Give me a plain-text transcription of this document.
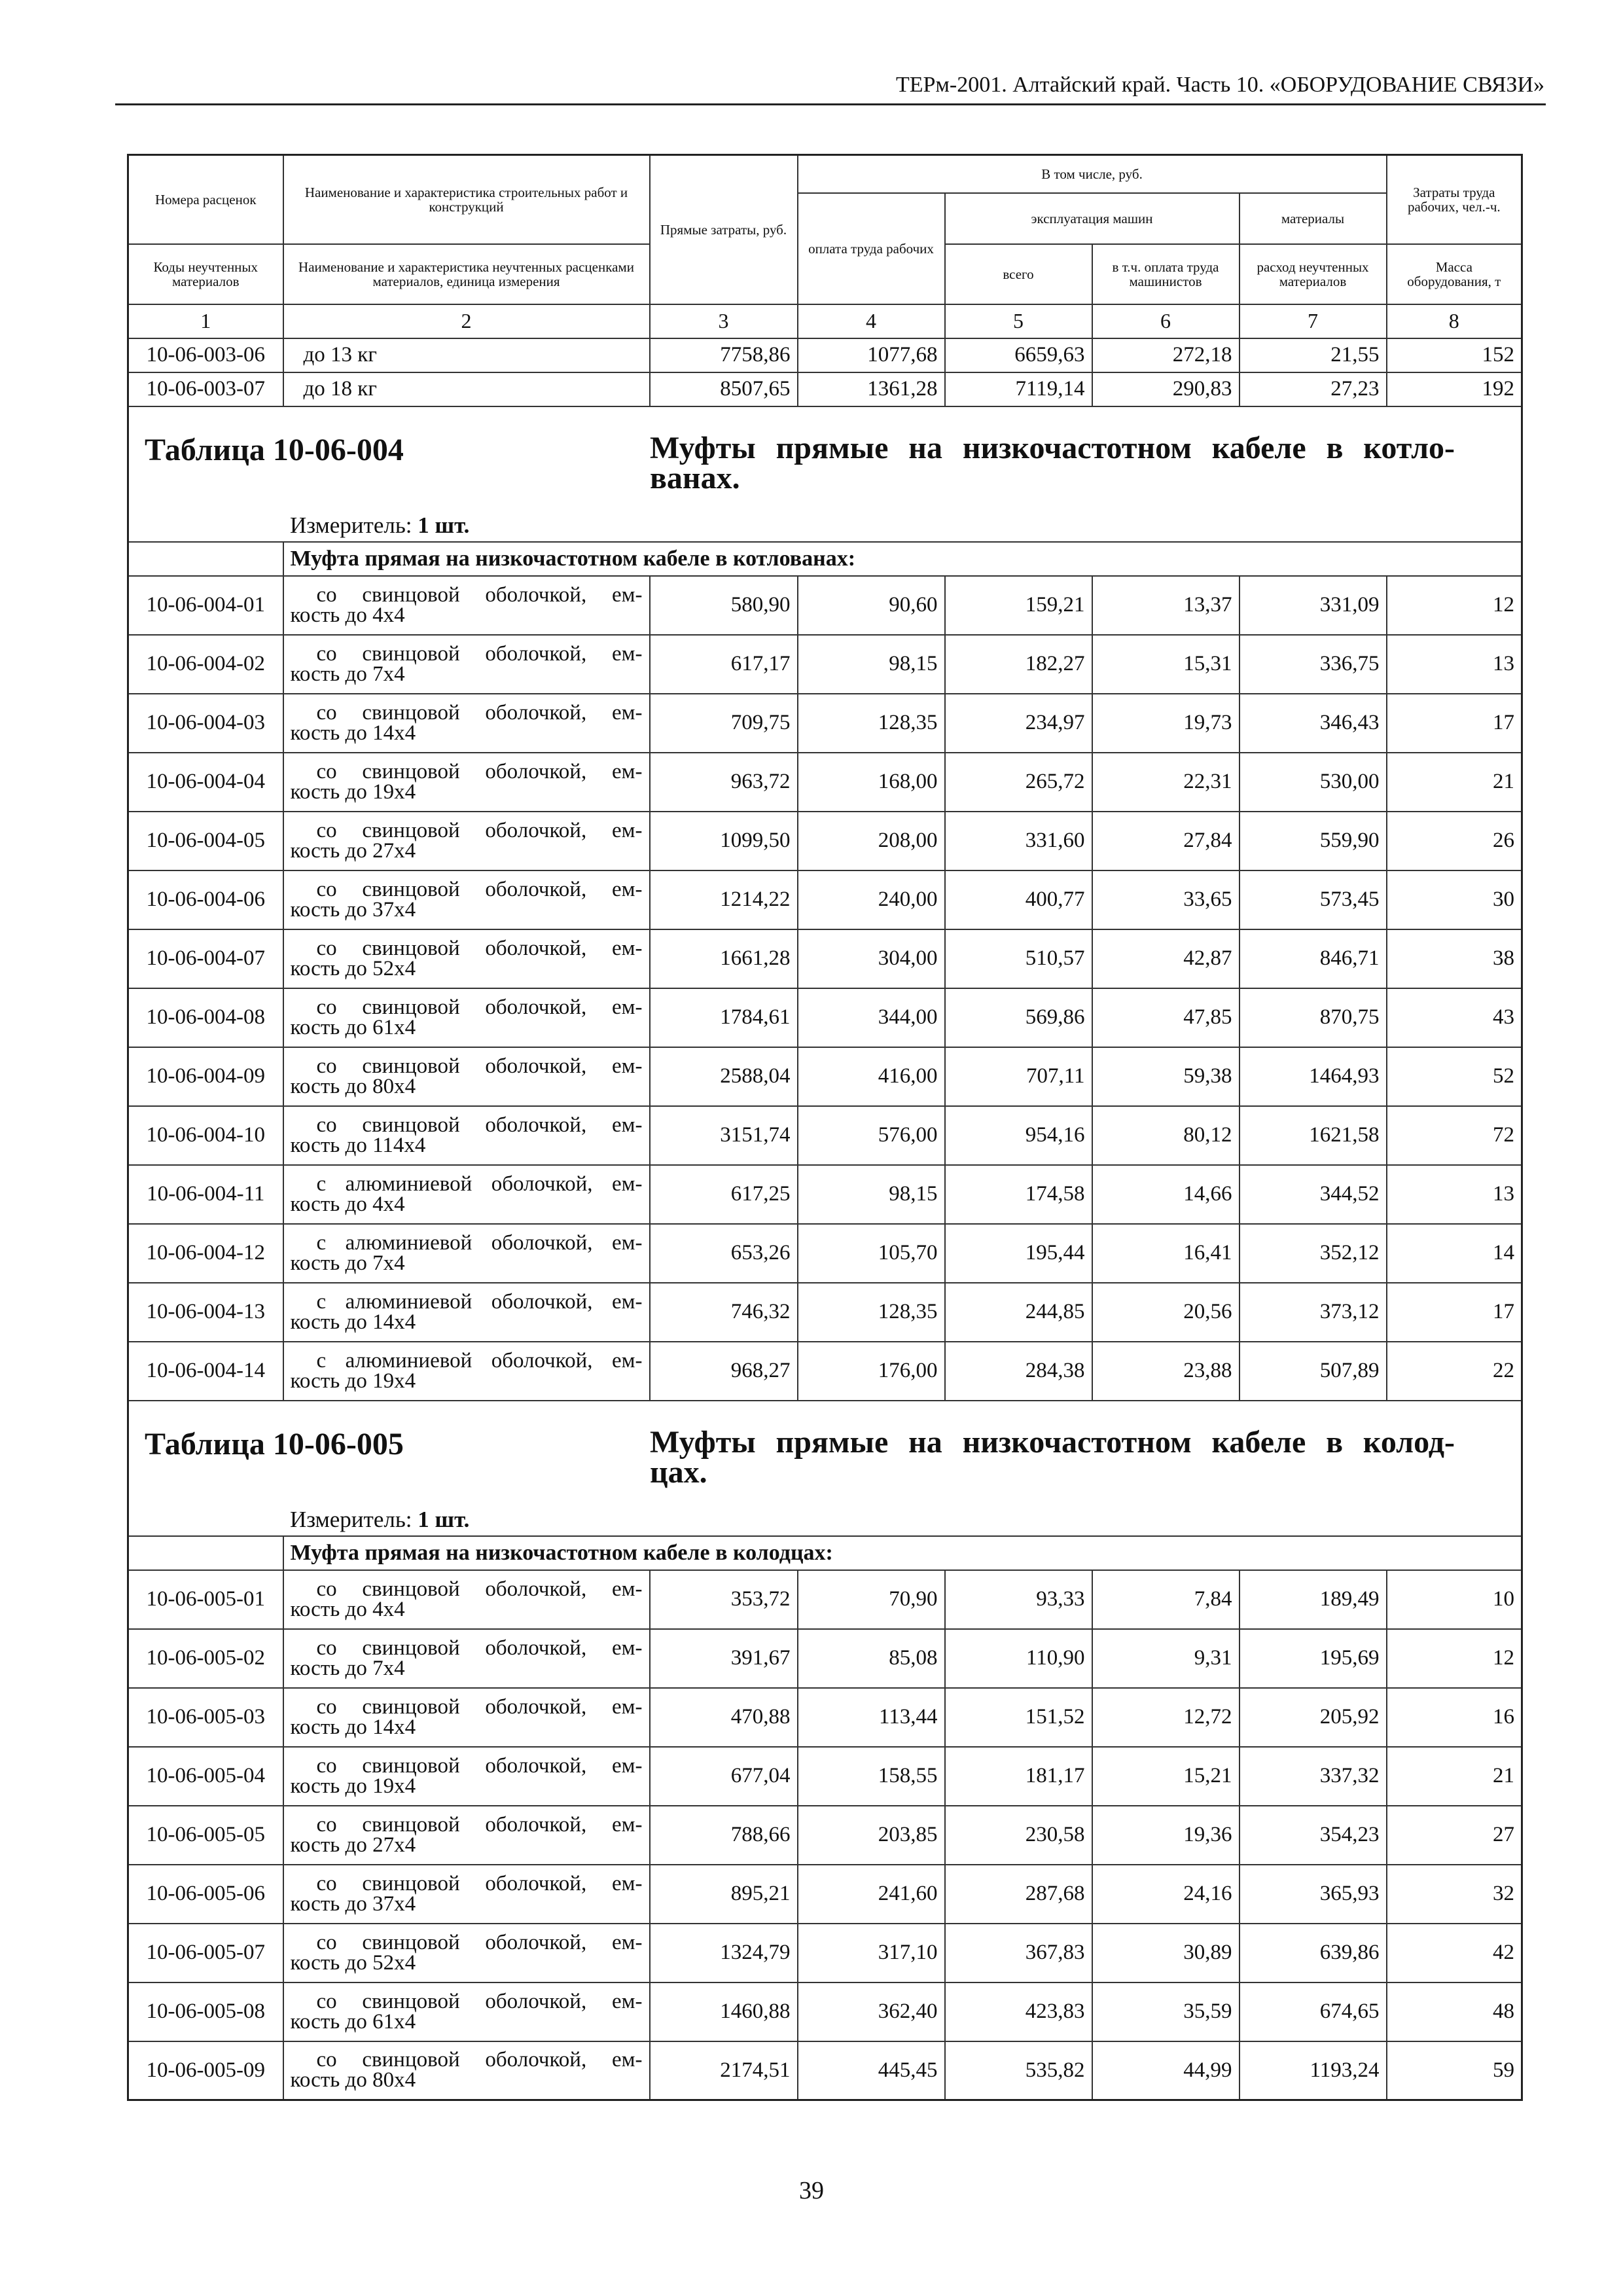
ТЕРм-2001. Алтайский край. Часть 10. «ОБОРУДОВАНИЕ СВЯЗИ»
Номера расценок	Наименование и характеристика строительных работ и конструкций	Прямые затраты, руб.	В том числе, руб.				Затраты труда рабочих, чел.-ч.
			оплата труда рабочих	эксплуатация машин		материалы	
Коды неучтенных материалов	Наименование и характеристика неучтенных расценками материалов, единица измерения			всего	в т.ч. оплата труда машинистов	расход неучтенных материалов	Масса оборудования, т
1	2	3	4	5	6	7	8
10-06-003-06	до 13 кг	7758,86	1077,68	6659,63	272,18	21,55	152
10-06-003-07	до 18 кг	8507,65	1361,28	7119,14	290,83	27,23	192

Таблица 10-06-004 Муфты прямые на низкочастотном кабеле в котло-
ванах.							

Измеритель: 1 шт.							

	Муфта прямая на низкочастотном кабеле в котлованах:						
10-06-004-01	со свинцовой оболочкой, ем-
кость до 4х4	580,90	90,60	159,21	13,37	331,09	12
10-06-004-02	со свинцовой оболочкой, ем-
кость до 7х4	617,17	98,15	182,27	15,31	336,75	13
10-06-004-03	со свинцовой оболочкой, ем-
кость до 14х4	709,75	128,35	234,97	19,73	346,43	17
10-06-004-04	со свинцовой оболочкой, ем-
кость до 19х4	963,72	168,00	265,72	22,31	530,00	21
10-06-004-05	со свинцовой оболочкой, ем-
кость до 27х4	1099,50	208,00	331,60	27,84	559,90	26
10-06-004-06	со свинцовой оболочкой, ем-
кость до 37х4	1214,22	240,00	400,77	33,65	573,45	30
10-06-004-07	со свинцовой оболочкой, ем-
кость до 52х4	1661,28	304,00	510,57	42,87	846,71	38
10-06-004-08	со свинцовой оболочкой, ем-
кость до 61х4	1784,61	344,00	569,86	47,85	870,75	43
10-06-004-09	со свинцовой оболочкой, ем-
кость до 80х4	2588,04	416,00	707,11	59,38	1464,93	52
10-06-004-10	со свинцовой оболочкой, ем-
кость до 114х4	3151,74	576,00	954,16	80,12	1621,58	72
10-06-004-11	с алюминиевой оболочкой, ем-
кость до 4х4	617,25	98,15	174,58	14,66	344,52	13
10-06-004-12	с алюминиевой оболочкой, ем-
кость до 7х4	653,26	105,70	195,44	16,41	352,12	14
10-06-004-13	с алюминиевой оболочкой, ем-
кость до 14х4	746,32	128,35	244,85	20,56	373,12	17
10-06-004-14	с алюминиевой оболочкой, ем-
кость до 19х4	968,27	176,00	284,38	23,88	507,89	22

Таблица 10-06-005 Муфты прямые на низкочастотном кабеле в колод-
цах.							

Измеритель: 1 шт.							

	Муфта прямая на низкочастотном кабеле в колодцах:						
10-06-005-01	со свинцовой оболочкой, ем-
кость до 4х4	353,72	70,90	93,33	7,84	189,49	10
10-06-005-02	со свинцовой оболочкой, ем-
кость до 7х4	391,67	85,08	110,90	9,31	195,69	12
10-06-005-03	со свинцовой оболочкой, ем-
кость до 14х4	470,88	113,44	151,52	12,72	205,92	16
10-06-005-04	со свинцовой оболочкой, ем-
кость до 19х4	677,04	158,55	181,17	15,21	337,32	21
10-06-005-05	со свинцовой оболочкой, ем-
кость до 27х4	788,66	203,85	230,58	19,36	354,23	27
10-06-005-06	со свинцовой оболочкой, ем-
кость до 37х4	895,21	241,60	287,68	24,16	365,93	32
10-06-005-07	со свинцовой оболочкой, ем-
кость до 52х4	1324,79	317,10	367,83	30,89	639,86	42
10-06-005-08	со свинцовой оболочкой, ем-
кость до 61х4	1460,88	362,40	423,83	35,59	674,65	48
10-06-005-09	со свинцовой оболочкой, ем-
кость до 80х4	2174,51	445,45	535,82	44,99	1193,24	59
39
